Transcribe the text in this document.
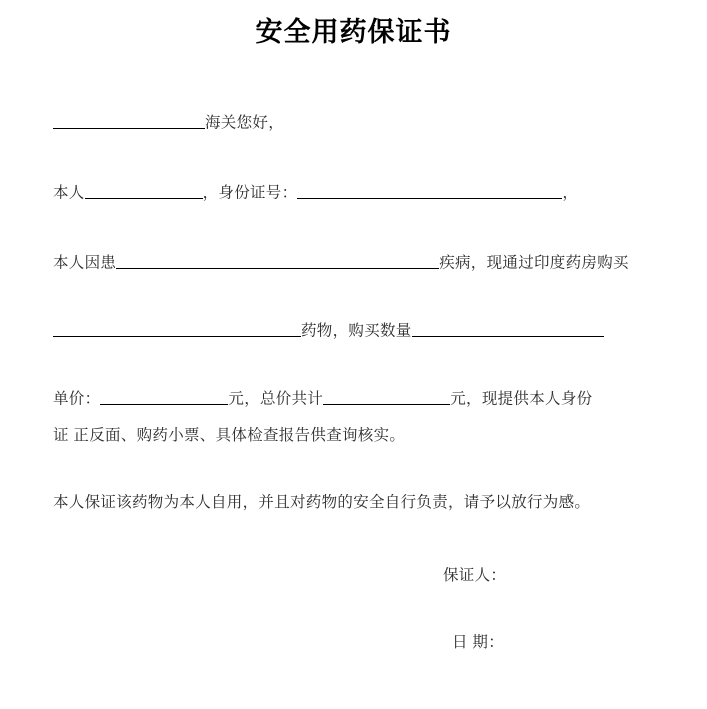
安全用药保证书
海关您好，
本人	，身份证号：	，
本人因患	疾病，现通过印度药房购买
药物，购买数量
单价：	元，总价共计	元，现提供本人身份
证 正反面、购药小票、具体检查报告供查询核实。
本人保证该药物为本人自用，并且对药物的安全自行负责，请予以放行为感。
保证人：
日 期：
